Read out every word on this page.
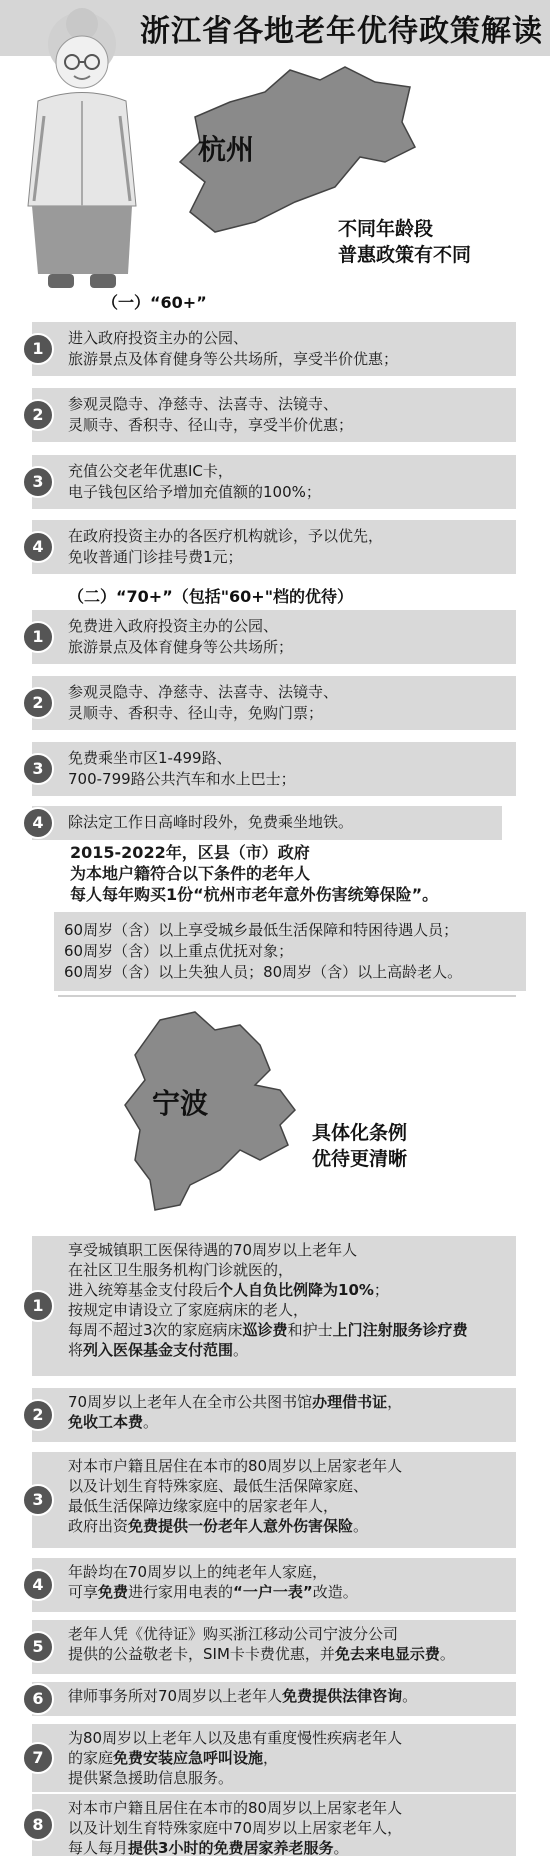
浙江省各地老年优待政策解读
杭州
不同年龄段
普惠政策有不同
（一）“60+”
1
进入政府投资主办的公园、
旅游景点及体育健身等公共场所，享受半价优惠；
2
参观灵隐寺、净慈寺、法喜寺、法镜寺、
灵顺寺、香积寺、径山寺，享受半价优惠；
3
充值公交老年优惠IC卡，
电子钱包区给予增加充值额的100%；
4
在政府投资主办的各医疗机构就诊，予以优先，
免收普通门诊挂号费1元；
（二）“70+”（包括"60+"档的优待）
1
免费进入政府投资主办的公园、
旅游景点及体育健身等公共场所；
2
参观灵隐寺、净慈寺、法喜寺、法镜寺、
灵顺寺、香积寺、径山寺，免购门票；
3
免费乘坐市区1-499路、
700-799路公共汽车和水上巴士；
4	除法定工作日高峰时段外，免费乘坐地铁。
2015-2022年，区县（市）政府
为本地户籍符合以下条件的老年人
每人每年购买1份“杭州市老年意外伤害统筹保险”。
60周岁（含）以上享受城乡最低生活保障和特困待遇人员；
60周岁（含）以上重点优抚对象；
60周岁（含）以上失独人员；80周岁（含）以上高龄老人。
宁波
具体化条例
优待更清晰
1
享受城镇职工医保待遇的70周岁以上老年人
在社区卫生服务机构门诊就医的，
进入统筹基金支付段后个人自负比例降为10%；
按规定申请设立了家庭病床的老人，
每周不超过3次的家庭病床巡诊费和护士上门注射服务诊疗费
将列入医保基金支付范围。
2
70周岁以上老年人在全市公共图书馆办理借书证，
免收工本费。
3
对本市户籍且居住在本市的80周岁以上居家老年人
以及计划生育特殊家庭、最低生活保障家庭、
最低生活保障边缘家庭中的居家老年人，
政府出资免费提供一份老年人意外伤害保险。
4
年龄均在70周岁以上的纯老年人家庭，
可享免费进行家用电表的“一户一表”改造。
5
老年人凭《优待证》购买浙江移动公司宁波分公司
提供的公益敬老卡，SIM卡卡费优惠，并免去来电显示费。
6	律师事务所对70周岁以上老年人免费提供法律咨询。
7
为80周岁以上老年人以及患有重度慢性疾病老年人
的家庭免费安装应急呼叫设施，
提供紧急援助信息服务。
8
对本市户籍且居住在本市的80周岁以上居家老年人
以及计划生育特殊家庭中70周岁以上居家老年人，
每人每月提供3小时的免费居家养老服务。
